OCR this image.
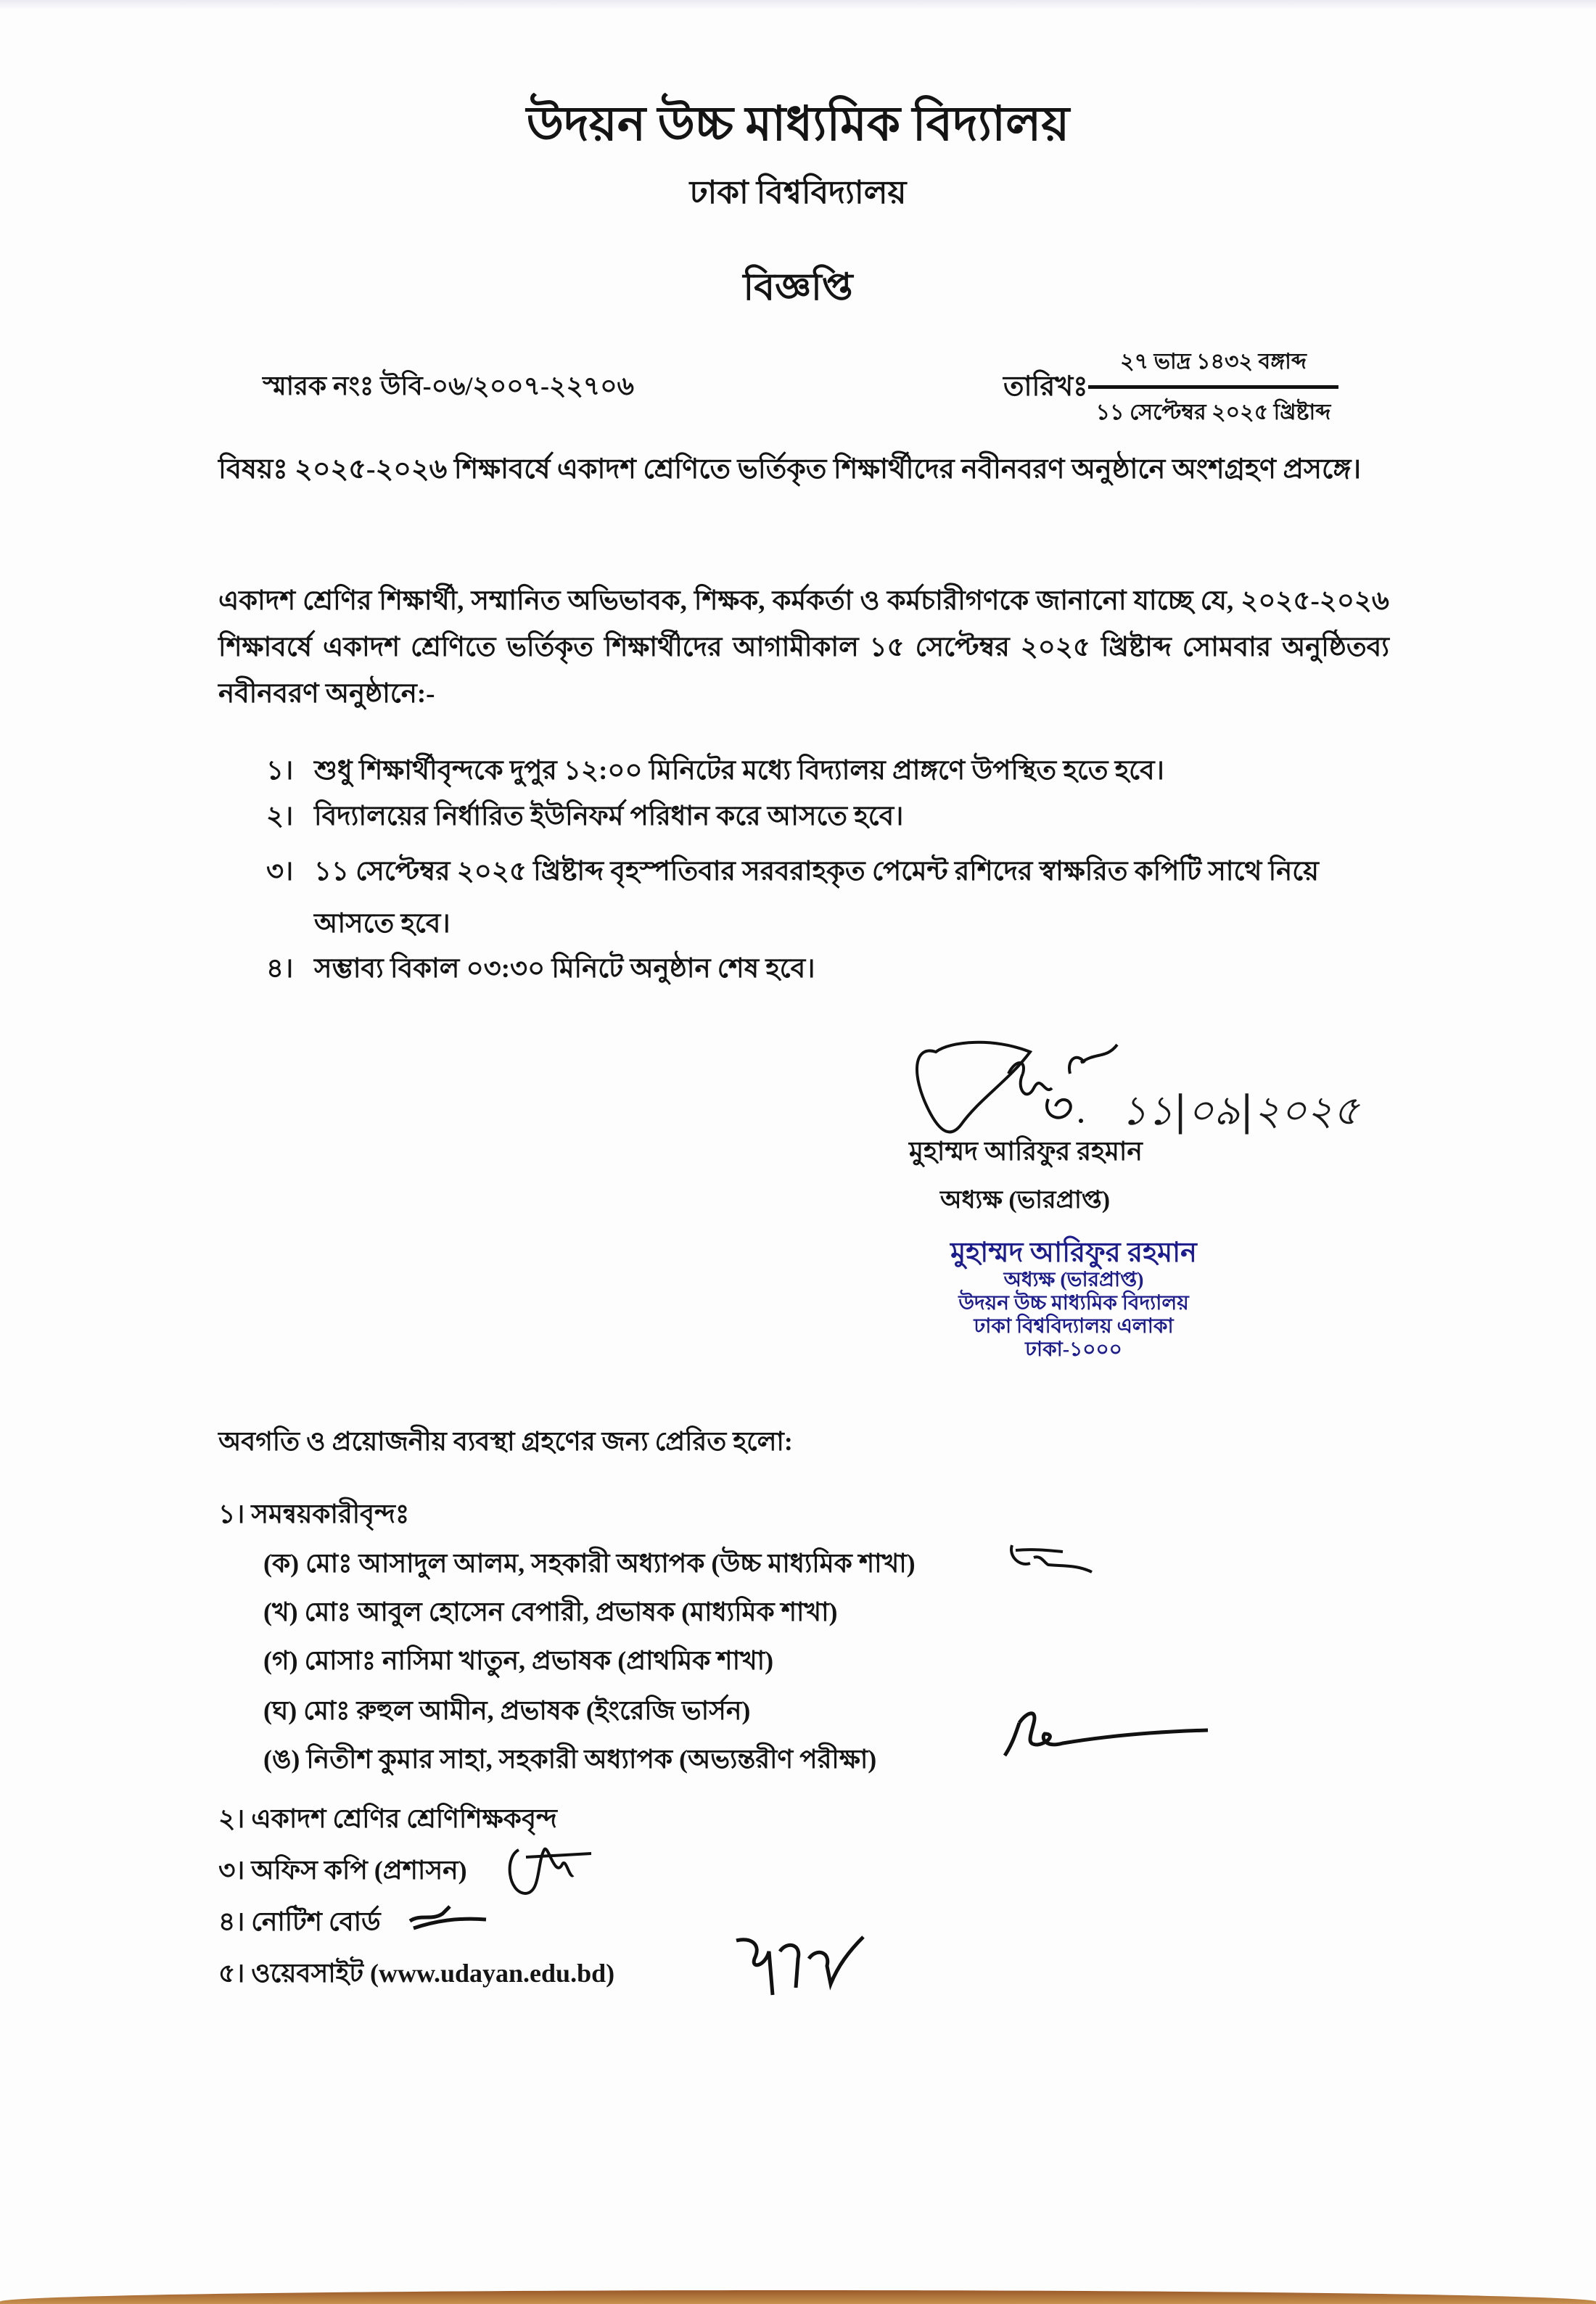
উদয়ন উচ্চ মাধ্যমিক বিদ্যালয়
ঢাকা বিশ্ববিদ্যালয়
বিজ্ঞপ্তি
স্মারক নংঃ উবি-০৬/২০০৭-২২৭০৬	তারিখঃ
২৭ ভাদ্র ১৪৩২ বঙ্গাব্দ
১১ সেপ্টেম্বর ২০২৫ খ্রিষ্টাব্দ
বিষয়ঃ ২০২৫-২০২৬ শিক্ষাবর্ষে একাদশ শ্রেণিতে ভর্তিকৃত শিক্ষার্থীদের নবীনবরণ অনুষ্ঠানে অংশগ্রহণ প্রসঙ্গে।
একাদশ শ্রেণির শিক্ষার্থী, সম্মানিত অভিভাবক, শিক্ষক, কর্মকর্তা ও কর্মচারীগণকে জানানো যাচ্ছে যে, ২০২৫-২০২৬ শিক্ষাবর্ষে একাদশ শ্রেণিতে ভর্তিকৃত শিক্ষার্থীদের আগামীকাল ১৫ সেপ্টেম্বর ২০২৫ খ্রিষ্টাব্দ সোমবার অনুষ্ঠিতব্য নবীনবরণ অনুষ্ঠানে:-
১। শুধু শিক্ষার্থীবৃন্দকে দুপুর ১২:০০ মিনিটের মধ্যে বিদ্যালয় প্রাঙ্গণে উপস্থিত হতে হবে।
২। বিদ্যালয়ের নির্ধারিত ইউনিফর্ম পরিধান করে আসতে হবে।
৩। ১১ সেপ্টেম্বর ২০২৫ খ্রিষ্টাব্দ বৃহস্পতিবার সরবরাহকৃত পেমেন্ট রশিদের স্বাক্ষরিত কপিটি সাথে নিয়ে
আসতে হবে।
৪। সম্ভাব্য বিকাল ০৩:৩০ মিনিটে অনুষ্ঠান শেষ হবে।
১১|০৯|২০২৫
মুহাম্মদ আরিফুর রহমান
অধ্যক্ষ (ভারপ্রাপ্ত)
মুহাম্মদ আরিফুর রহমান
অধ্যক্ষ (ভারপ্রাপ্ত)
উদয়ন উচ্চ মাধ্যমিক বিদ্যালয়
ঢাকা বিশ্ববিদ্যালয় এলাকা
ঢাকা-১০০০
অবগতি ও প্রয়োজনীয় ব্যবস্থা গ্রহণের জন্য প্রেরিত হলো:
১। সমন্বয়কারীবৃন্দঃ
(ক) মোঃ আসাদুল আলম, সহকারী অধ্যাপক (উচ্চ মাধ্যমিক শাখা)
(খ) মোঃ আবুল হোসেন বেপারী, প্রভাষক (মাধ্যমিক শাখা)
(গ) মোসাঃ নাসিমা খাতুন, প্রভাষক (প্রাথমিক শাখা)
(ঘ) মোঃ রুহুল আমীন, প্রভাষক (ইংরেজি ভার্সন)
(ঙ) নিতীশ কুমার সাহা, সহকারী অধ্যাপক (অভ্যন্তরীণ পরীক্ষা)
২। একাদশ শ্রেণির শ্রেণিশিক্ষকবৃন্দ
৩। অফিস কপি (প্রশাসন)
৪। নোটিশ বোর্ড
৫। ওয়েবসাইট (www.udayan.edu.bd)
